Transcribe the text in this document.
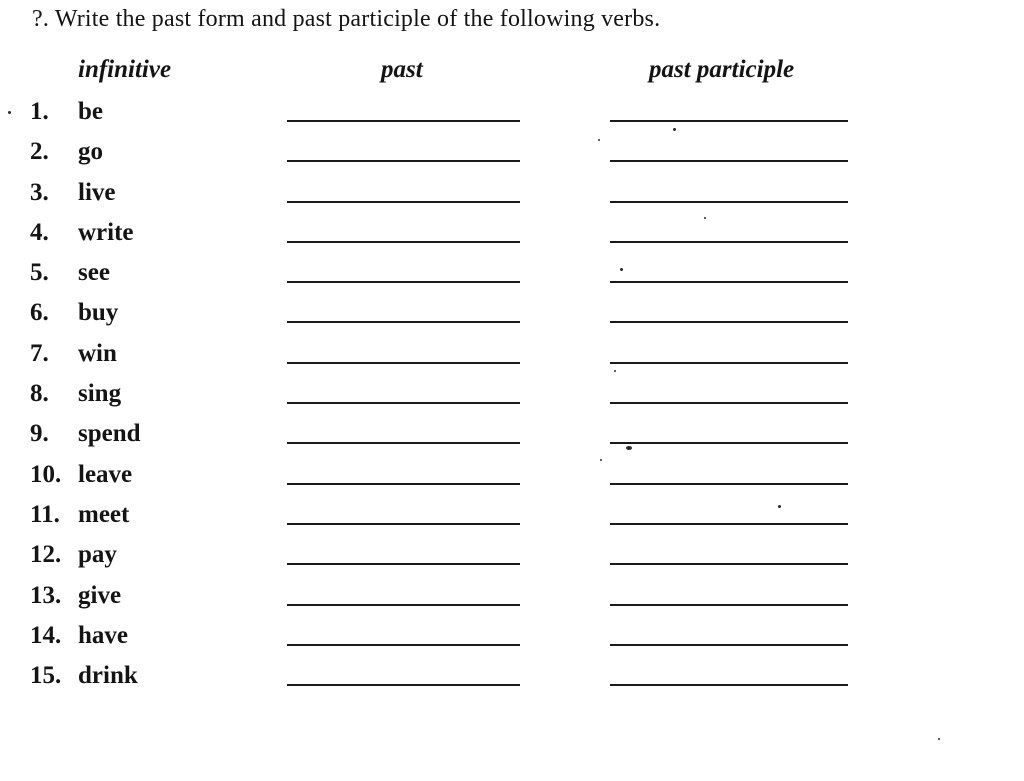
?. Write the past form and past participle of the following verbs.
infinitive	past	past participle
1. be
2. go
3. live
4. write
5. see
6. buy
7. win
8. sing
9. spend
10. leave
11. meet
12. pay
13. give
14. have
15. drink
